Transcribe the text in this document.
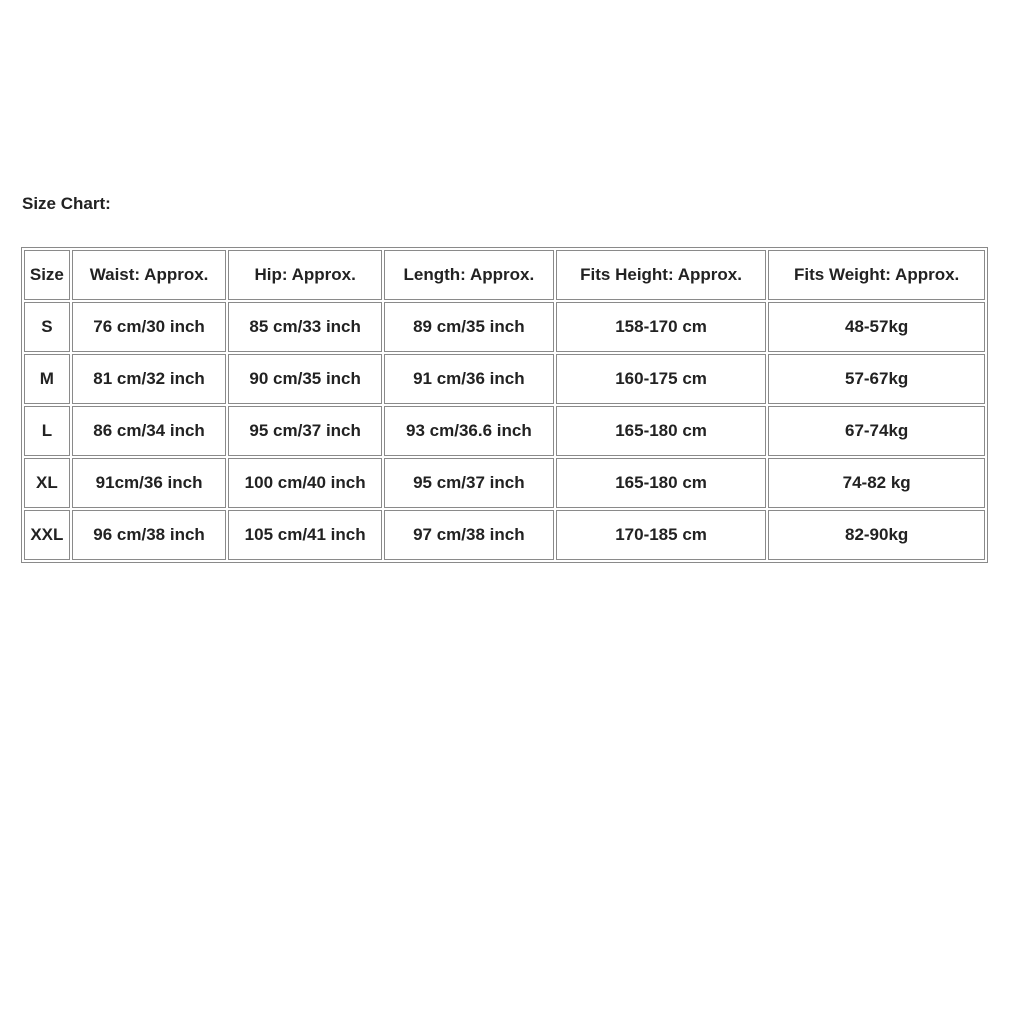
Size Chart:
Size	Waist: Approx.	Hip: Approx.	Length: Approx.	Fits Height: Approx.	Fits Weight: Approx.
S	76 cm/30 inch	85 cm/33 inch	89 cm/35 inch	158-170 cm	48-57kg
M	81 cm/32 inch	90 cm/35 inch	91 cm/36 inch	160-175 cm	57-67kg
L	86 cm/34 inch	95 cm/37 inch	93 cm/36.6 inch	165-180 cm	67-74kg
XL	91cm/36 inch	100 cm/40 inch	95 cm/37 inch	165-180 cm	74-82 kg
XXL	96 cm/38 inch	105 cm/41 inch	97 cm/38 inch	170-185 cm	82-90kg
